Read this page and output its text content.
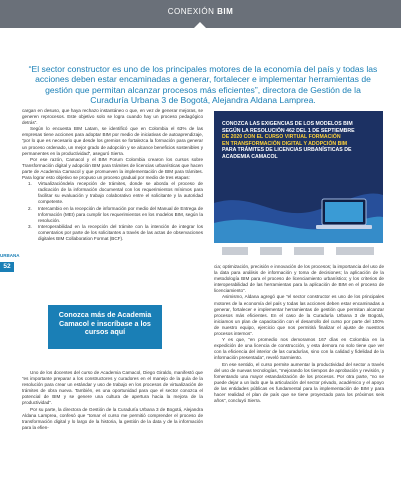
CONEXIÓN BIM
“El sector constructor es uno de los principales motores de la economía del país y todas las acciones deben estar encaminadas a generar, fortalecer e implementar herramientas de gestión que permitan alcanzar procesos más eficientes”, directora de Gestión de la Curaduría Urbana 3 de Bogotá, Alejandra Aldana Lamprea.
URBANA
52

cargan en desuso, que haya rechazo instantáneo o que, en vez de generar mejoras, se generen reprocesos. Este objetivo solo se logra cuando hay un proceso pedagógico detrás”.

Según lo encuesta BIM Latam, se identificó que en Colombia el 63% de las empresas tiene acciones para adoptar BIM por medio de iniciativas de autoaprendizaje, “por lo que es necesario que desde los gremios se fortalezca la formación para generar un proceso ordenado, un mejor grado de adopción y se alcance beneficios sostenibles y permanentes en la productividad”, aseguró Sierra.

Por ese razón, Camacol y el BIM Forum Colombia crearon los cursos sobre Transformación digital y adopción BIM para trámites de licencias urbanísticas que hacen parte de Academia Camacol y que promueven la implementación de BIM para trámites. Para lograr esto objetivo se propuso un proceso gradual por medio de tres etapas:

1. Virtualizacióndela recepción de trámites, donde se aborda el proceso de radicación de la información documental con los requerimientos mínimos para facilitar su evaluación y trabajo colaborativo entre el solicitante y la autoridad competente.
2. Intercambio en la recepción de información por medio del Manual de Entrega de Información (MEI) para cumplir los requerimientos en los modelos BIM, según la resolución.
3. Interoperabilidad en la recepción del trámite con la intención de integrar los comentarios por parte de los solicitantes a través de las actas de observaciones digitales BIM Collaboration Format (BCF).
Conozca más de Academia Camacol e inscríbase a los cursos aquí

Uno de los docentes del curso de Academia Camacol, Diego Giraldo, manifestó que “es importante preparar a los constructores y curadores en el manejo de la guía de la resolución para crear un estándar y uso de trabajo en los procesos de virtualización de trámites de obra nueva. También, es una oportunidad para que el sector conozca el potencial de BIM y se genere una cultura de apertura hacia la mejora de la productividad”.

Por su parte, la directora de Gestión de la Curaduría Urbana 3 de Bogotá, Alejandra Aldana Lamprea, confesó que “tomar el curso me permitió comprender el proceso de transformación digital y lo largo de la historia, la gestión de la data y de la información para la efien-

CONOZCA LAS EXIGENCIAS DE LOS MODELOS BIM
SEGÚN LA RESOLUCIÓN 462 DEL 1 DE SEPTIEMBRE
DE 2020 CON EL CURSO VIRTUAL FORMACIÓN
EN TRANSFORMACIÓN DIGITAL Y ADOPCIÓN BIM
PARA TRÁMITES DE LICENCIAS URBANÍSTICAS DE
ACADEMIA CAMACOL

cia; optimización, precisión e innovación de los procesos; la importancia del uso de la data para análisis de información y toma de decisiones; la aplicación de la metodología BIM para el proceso de licenciamiento urbanístico; y los criterios de interoperabilidad de las herramientas para la aplicación de BIM en el proceso de licenciamiento”.

Asimismo, Aldana agregó que “el sector constructor es uno de los principales motores de la economía del país y todas las acciones deben estar encaminadas a generar, fortalecer e implementar herramientas de gestión que permitan alcanzar procesos más eficientes. En el caso de la Curaduría Urbana 3 de Bogotá, iniciamos un plan de capacitación con el desarrollo del curso por parte del 100% de nuestro equipo, ejercicio que nos permitirá finalizar el ajuste de nuestros procesos internos”.

Y es que, “en promedio nos demoramos 167 días en Colombia en la expedición de una licencia de construcción, y esta demora no solo tiene que ver con la eficiencia del interior de las curadurías, sino con la calidad y fidelidad de la información presentada”, reveló Sarmiento.

En ese sentido, el curso permite aumentar la productividad del sector a través del uso de nuevas tecnologías, “mejorando los tiempos de aprobación y revisión, y fomentando una mayor estandarización de los procesos. Por otra parte, “no se puede dejar a un lado que la articulación del sector privado, académico y el apoyo de las entidades públicas es fundamental para la implementación de BIM y para hacer realidad el plan de país que se tiene proyectado para los próximos seis años”, concluyó Sierra.
